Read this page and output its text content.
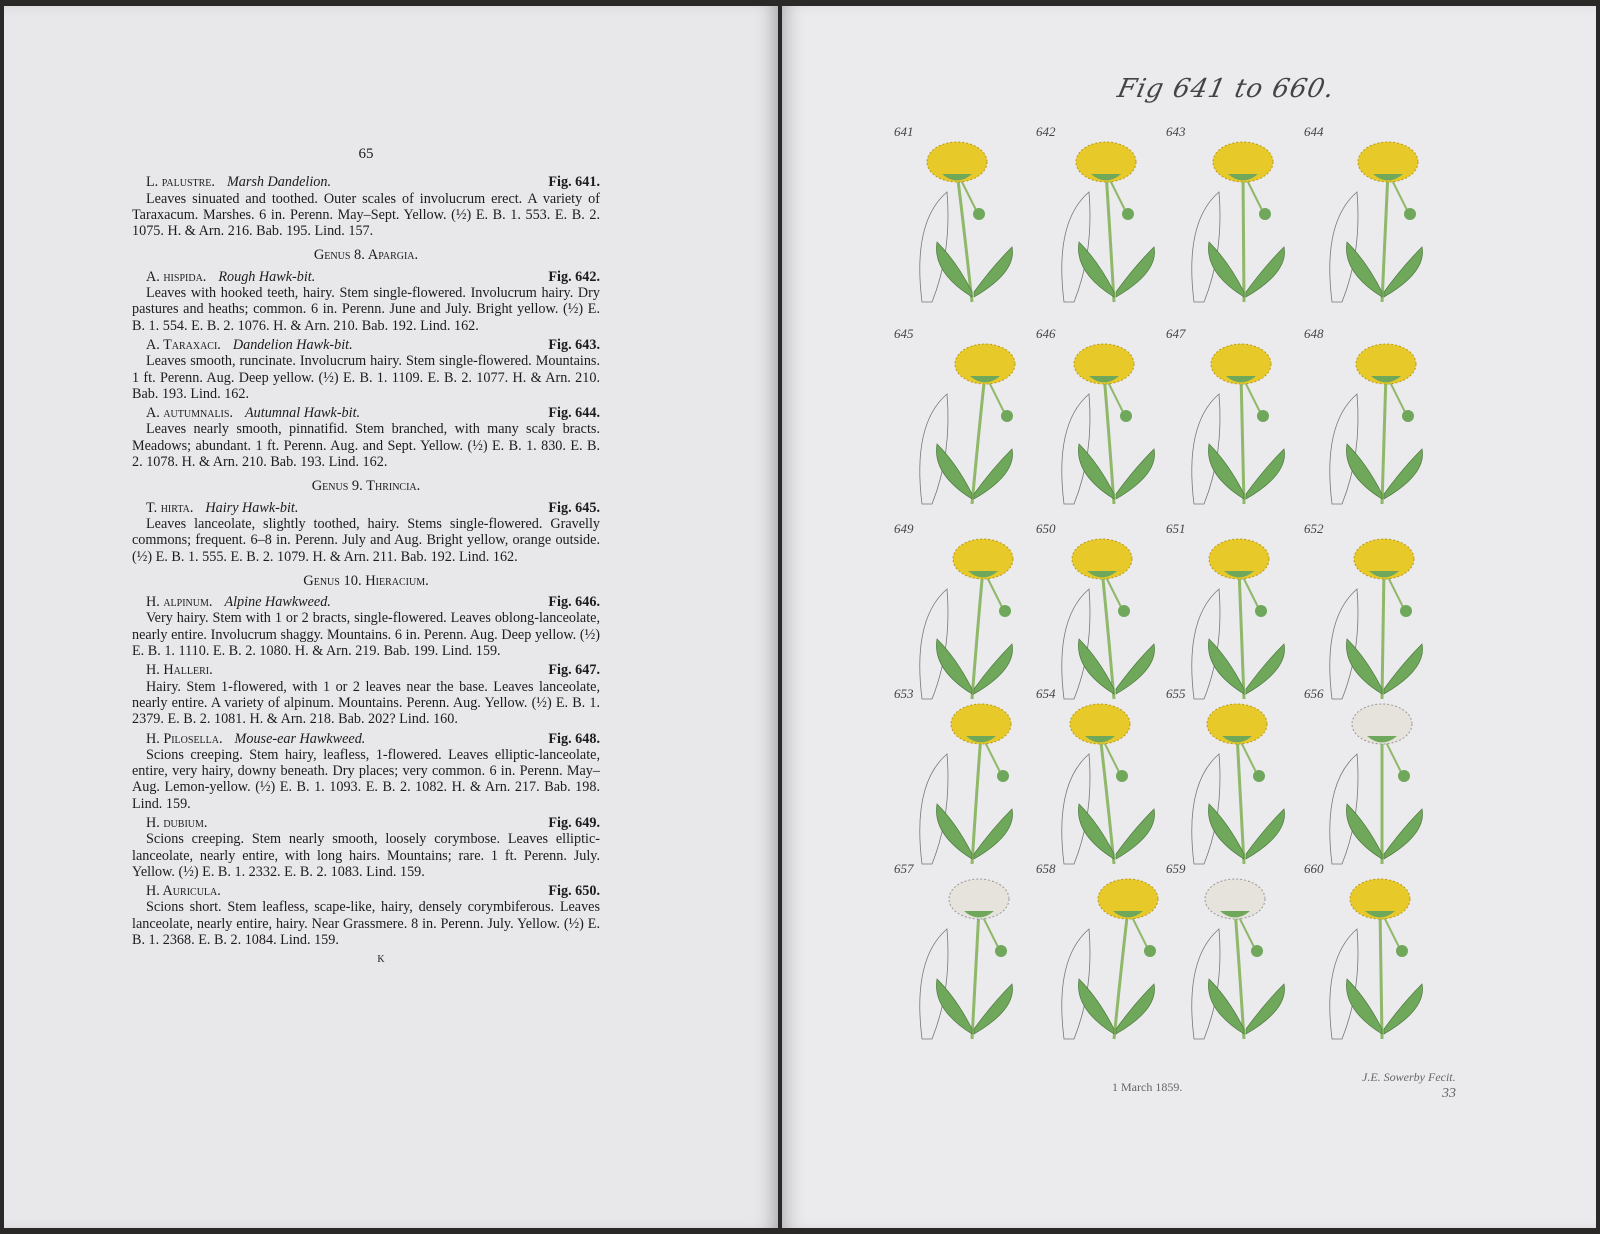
65
L. palustre. Marsh Dandelion.	Fig. 641.
Leaves sinuated and toothed. Outer scales of involucrum erect. A variety of Taraxacum. Marshes. 6 in. Perenn. May–Sept. Yellow. (½) E. B. 1. 553. E. B. 2. 1075. H. & Arn. 216. Bab. 195. Lind. 157.
Genus 8. Apargia.
A. hispida. Rough Hawk-bit.	Fig. 642.
Leaves with hooked teeth, hairy. Stem single-flowered. Involucrum hairy. Dry pastures and heaths; common. 6 in. Perenn. June and July. Bright yellow. (½) E. B. 1. 554. E. B. 2. 1076. H. & Arn. 210. Bab. 192. Lind. 162.
A. Taraxaci. Dandelion Hawk-bit.	Fig. 643.
Leaves smooth, runcinate. Involucrum hairy. Stem single-flowered. Mountains. 1 ft. Perenn. Aug. Deep yellow. (½) E. B. 1. 1109. E. B. 2. 1077. H. & Arn. 210. Bab. 193. Lind. 162.
A. autumnalis. Autumnal Hawk-bit.	Fig. 644.
Leaves nearly smooth, pinnatifid. Stem branched, with many scaly bracts. Meadows; abundant. 1 ft. Perenn. Aug. and Sept. Yellow. (½) E. B. 1. 830. E. B. 2. 1078. H. & Arn. 210. Bab. 193. Lind. 162.
Genus 9. Thrincia.
T. hirta. Hairy Hawk-bit.	Fig. 645.
Leaves lanceolate, slightly toothed, hairy. Stems single-flowered. Gravelly commons; frequent. 6–8 in. Perenn. July and Aug. Bright yellow, orange outside. (½) E. B. 1. 555. E. B. 2. 1079. H. & Arn. 211. Bab. 192. Lind. 162.
Genus 10. Hieracium.
H. alpinum. Alpine Hawkweed.	Fig. 646.
Very hairy. Stem with 1 or 2 bracts, single-flowered. Leaves oblong-lanceolate, nearly entire. Involucrum shaggy. Mountains. 6 in. Perenn. Aug. Deep yellow. (½) E. B. 1. 1110. E. B. 2. 1080. H. & Arn. 219. Bab. 199. Lind. 159.
H. Halleri.	Fig. 647.
Hairy. Stem 1-flowered, with 1 or 2 leaves near the base. Leaves lanceolate, nearly entire. A variety of alpinum. Mountains. Perenn. Aug. Yellow. (½) E. B. 1. 2379. E. B. 2. 1081. H. & Arn. 218. Bab. 202? Lind. 160.
H. Pilosella. Mouse-ear Hawkweed.	Fig. 648.
Scions creeping. Stem hairy, leafless, 1-flowered. Leaves elliptic-lanceolate, entire, very hairy, downy beneath. Dry places; very common. 6 in. Perenn. May–Aug. Lemon-yellow. (½) E. B. 1. 1093. E. B. 2. 1082. H. & Arn. 217. Bab. 198. Lind. 159.
H. dubium.	Fig. 649.
Scions creeping. Stem nearly smooth, loosely corymbose. Leaves elliptic-lanceolate, nearly entire, with long hairs. Mountains; rare. 1 ft. Perenn. July. Yellow. (½) E. B. 1. 2332. E. B. 2. 1083. Lind. 159.
H. Auricula.	Fig. 650.
Scions short. Stem leafless, scape-like, hairy, densely corymbiferous. Leaves lanceolate, nearly entire, hairy. Near Grassmere. 8 in. Perenn. July. Yellow. (½) E. B. 1. 2368. E. B. 2. 1084. Lind. 159.
K
Fig 641 to 660.
641	642	643	644
645	646	647	648
649	650	651	652
653	654	655	656
657	658	659	660
1 March 1859.
J.E. Sowerby Fecit.
33
